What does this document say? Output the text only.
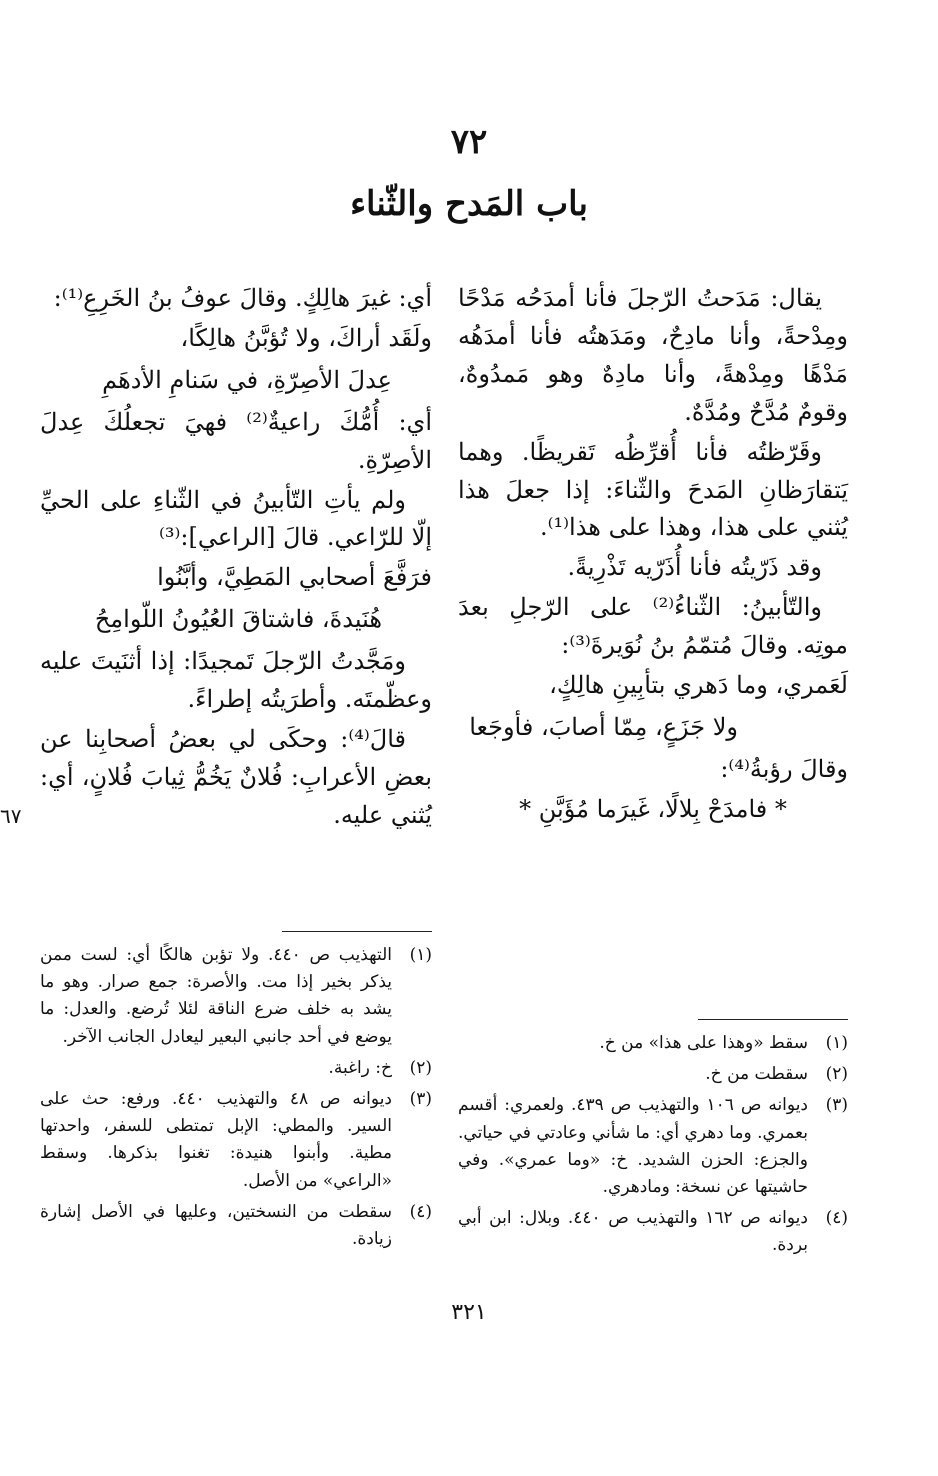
٧٢
باب المَدح والثّناء

يقال: مَدَحتُ الرّجلَ فأنا أمدَحُه مَدْحًا ومِدْحةً، وأنا مادِحٌ، ومَدَهتُه فأنا أمدَهُه مَدْهًا ومِدْهةً، وأنا مادِهٌ وهو مَمدُوهٌ، وقومٌ مُدَّحٌ ومُدَّهٌ.

وقَرّظتُه فأنا أُقرِّظُه تَقريظًا. وهما يَتقارَظانِ المَدحَ والثّناءَ: إذا جعلَ هذا يُثني على هذا، وهذا على هذا⁽¹⁾.

وقد ذَرّيتُه فأنا أُذَرّيه تَذْرِيةً.

والتّأبينُ: الثّناءُ⁽²⁾ على الرّجلِ بعدَ موتِه. وقالَ مُتمّمُ بنُ نُوَيرةَ⁽³⁾:

لَعَمري، وما دَهري بتأبِينِ هالِكٍ،
ولا جَزَعٍ، مِمّا أصابَ، فأوجَعا

وقالَ رؤبةُ⁽⁴⁾:

* فامدَحْ بِلالًا، غَيرَما مُؤَبَّنِ *

أي: غيرَ هالِكٍ. وقالَ عوفُ بنُ الخَرِعِ⁽¹⁾:

ولَقَد أراكَ، ولا تُؤبَّنُ هالِكًا،
عِدلَ الأصِرّةِ، في سَنامِ الأدهَمِ

أي: أُمُّكَ راعيةٌ⁽²⁾ فهيَ تجعلُكَ عِدلَ الأصِرّةِ.

ولم يأتِ التّأبينُ في الثّناءِ على الحيِّ إلّا للرّاعي. قالَ [الراعي]:⁽³⁾

فرَفَّعَ أصحابي المَطِيَّ، وأبَّنُوا
هُنَيدةَ، فاشتاقَ العُيُونُ اللّوامِحُ

ومَجَّدتُ الرّجلَ تَمجيدًا: إذا أثنَيتَ عليه وعظّمتَه. وأطرَيتُه إطراءً.

قالَ⁽⁴⁾: وحكَى لي بعضُ أصحابِنا عن بعضِ الأعرابِ: فُلانٌ يَخُمُّ ثِيابَ فُلانٍ، أي: يُثني عليه.

٦٧
(١)
سقط «وهذا على هذا» من خ.
(٢)
سقطت من خ.
(٣)
ديوانه ص ١٠٦ والتهذيب ص ٤٣٩. ولعمري: أقسم بعمري. وما دهري أي: ما شأني وعادتي في حياتي. والجزع: الحزن الشديد. خ: «وما عمري». وفي حاشيتها عن نسخة: ومادهري.
(٤)
ديوانه ص ١٦٢ والتهذيب ص ٤٤٠. وبلال: ابن أبي بردة.
(١)
التهذيب ص ٤٤٠. ولا تؤبن هالكًا أي: لست ممن يذكر بخير إذا مت. والأصرة: جمع صرار. وهو ما يشد به خلف ضرع الناقة لئلا تُرضع. والعدل: ما يوضع في أحد جانبي البعير ليعادل الجانب الآخر.
(٢)
خ: راغبة.
(٣)
ديوانه ص ٤٨ والتهذيب ٤٤٠. ورفع: حث على السير. والمطي: الإبل تمتطى للسفر، واحدتها مطية. وأبنوا هنيدة: تغنوا بذكرها. وسقط «الراعي» من الأصل.
(٤)
سقطت من النسختين، وعليها في الأصل إشارة زيادة.
٣٢١
